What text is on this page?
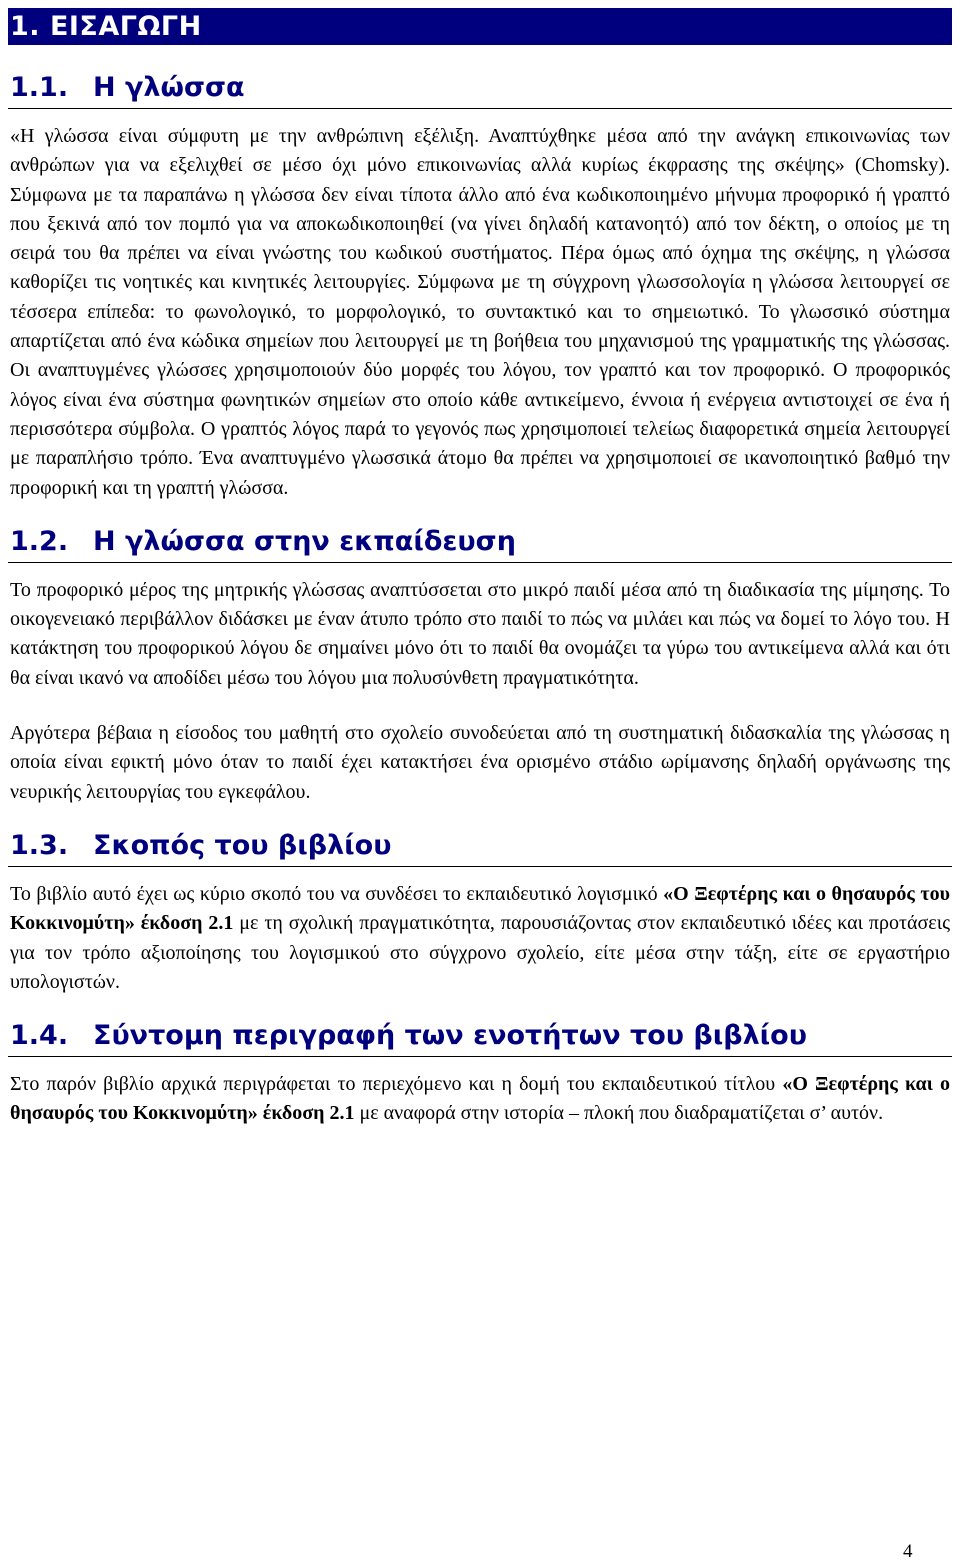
1. ΕΙΣΑΓΩΓΗ
1.1. Η γλώσσα

«Η γλώσσα είναι σύμφυτη με την ανθρώπινη εξέλιξη. Αναπτύχθηκε μέσα από την ανάγκη επικοινωνίας των ανθρώπων για να εξελιχθεί σε μέσο όχι μόνο επικοινωνίας αλλά κυρίως έκφρασης της σκέψης» (Chomsky). Σύμφωνα με τα παραπάνω η γλώσσα δεν είναι τίποτα άλλο από ένα κωδικοποιημένο μήνυμα προφορικό ή γραπτό που ξεκινά από τον πομπό για να αποκωδικοποιηθεί (να γίνει δηλαδή κατανοητό) από τον δέκτη, ο οποίος με τη σειρά του θα πρέπει να είναι γνώστης του κωδικού συστήματος. Πέρα όμως από όχημα της σκέψης, η γλώσσα καθορίζει τις νοητικές και κινητικές λειτουργίες. Σύμφωνα με τη σύγχρονη γλωσσολογία η γλώσσα λειτουργεί σε τέσσερα επίπεδα: το φωνολογικό, το μορφολογικό, το συντακτικό και το σημειωτικό. Το γλωσσικό σύστημα απαρτίζεται από ένα κώδικα σημείων που λειτουργεί με τη βοήθεια του μηχανισμού της γραμματικής της γλώσσας. Οι αναπτυγμένες γλώσσες χρησιμοποιούν δύο μορφές του λόγου, τον γραπτό και τον προφορικό. Ο προφορικός λόγος είναι ένα σύστημα φωνητικών σημείων στο οποίο κάθε αντικείμενο, έννοια ή ενέργεια αντιστοιχεί σε ένα ή περισσότερα σύμβολα. Ο γραπτός λόγος παρά το γεγονός πως χρησιμοποιεί τελείως διαφορετικά σημεία λειτουργεί με παραπλήσιο τρόπο. Ένα αναπτυγμένο γλωσσικά άτομο θα πρέπει να χρησιμοποιεί σε ικανοποιητικό βαθμό την προφορική και τη γραπτή γλώσσα.

1.2. Η γλώσσα στην εκπαίδευση

Το προφορικό μέρος της μητρικής γλώσσας αναπτύσσεται στο μικρό παιδί μέσα από τη διαδικασία της μίμησης. Το οικογενειακό περιβάλλον διδάσκει με έναν άτυπο τρόπο στο παιδί το πώς να μιλάει και πώς να δομεί το λόγο του. Η κατάκτηση του προφορικού λόγου δε σημαίνει μόνο ότι το παιδί θα ονομάζει τα γύρω του αντικείμενα αλλά και ότι θα είναι ικανό να αποδίδει μέσω του λόγου μια πολυσύνθετη πραγματικότητα.

Αργότερα βέβαια η είσοδος του μαθητή στο σχολείο συνοδεύεται από τη συστηματική διδασκαλία της γλώσσας η οποία είναι εφικτή μόνο όταν το παιδί έχει κατακτήσει ένα ορισμένο στάδιο ωρίμανσης δηλαδή οργάνωσης της νευρικής λειτουργίας του εγκεφάλου.

1.3. Σκοπός του βιβλίου

Το βιβλίο αυτό έχει ως κύριο σκοπό του να συνδέσει το εκπαιδευτικό λογισμικό «Ο Ξεφτέρης και ο θησαυρός του Κοκκινομύτη» έκδοση 2.1 με τη σχολική πραγματικότητα, παρουσιάζοντας στον εκπαιδευτικό ιδέες και προτάσεις για τον τρόπο αξιοποίησης του λογισμικού στο σύγχρονο σχολείο, είτε μέσα στην τάξη, είτε σε εργαστήριο υπολογιστών.

1.4. Σύντομη περιγραφή των ενοτήτων του βιβλίου

Στο παρόν βιβλίο αρχικά περιγράφεται το περιεχόμενο και η δομή του εκπαιδευτικού τίτλου «Ο Ξεφτέρης και ο θησαυρός του Κοκκινομύτη» έκδοση 2.1 με αναφορά στην ιστορία – πλοκή που διαδραματίζεται σ’ αυτόν.

4
